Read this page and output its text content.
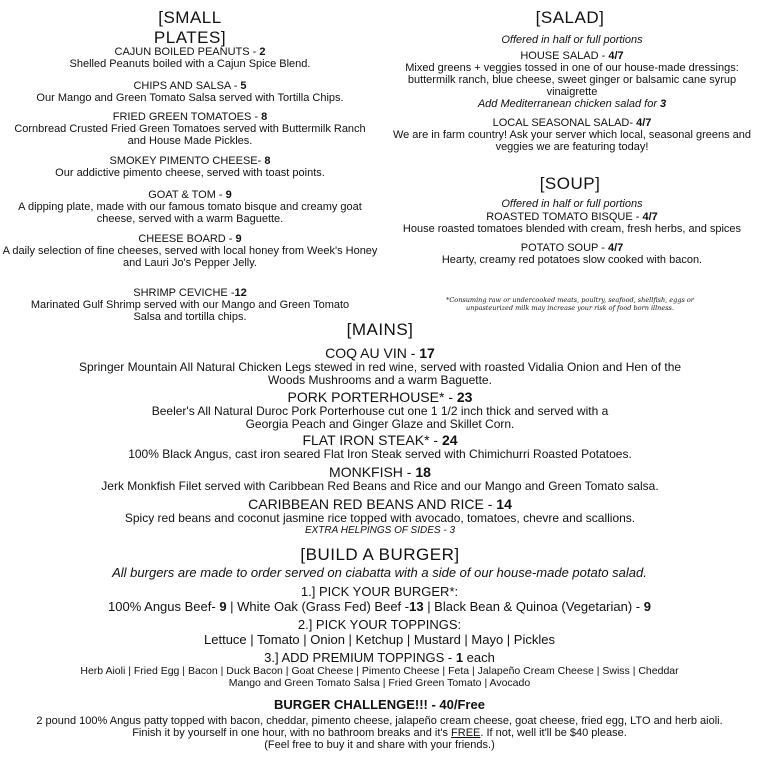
[SMALL PLATES]
CAJUN BOILED PEANUTS - 2
Shelled Peanuts boiled with a Cajun Spice Blend.
CHIPS AND SALSA - 5
Our Mango and Green Tomato Salsa served with Tortilla Chips.
FRIED GREEN TOMATOES - 8
Cornbread Crusted Fried Green Tomatoes served with Buttermilk Ranch and House Made Pickles.
SMOKEY PIMENTO CHEESE- 8
Our addictive pimento cheese, served with toast points.
GOAT & TOM - 9
A dipping plate, made with our famous tomato bisque and creamy goat cheese, served with a warm Baguette.
CHEESE BOARD - 9
A daily selection of fine cheeses, served with local honey from Week's Honey and Lauri Jo's Pepper Jelly.
SHRIMP CEVICHE -12
Marinated Gulf Shrimp served with our Mango and Green Tomato Salsa and tortilla chips.
[SALAD]
Offered in half or full portions
HOUSE SALAD - 4/7
Mixed greens + veggies tossed in one of our house-made dressings: buttermilk ranch, blue cheese, sweet ginger or balsamic cane syrup vinaigrette
Add Mediterranean chicken salad for 3
LOCAL SEASONAL SALAD- 4/7
We are in farm country! Ask your server which local, seasonal greens and veggies we are featuring today!
[SOUP]
Offered in half or full portions
ROASTED TOMATO BISQUE - 4/7
House roasted tomatoes blended with cream, fresh herbs, and spices
POTATO SOUP - 4/7
Hearty, creamy red potatoes slow cooked with bacon.
*Consuming raw or undercooked meats, poultry, seafood, shellfish, eggs or unpasteurized milk may increase your risk of food born illness.
[MAINS]
COQ AU VIN - 17
Springer Mountain All Natural Chicken Legs stewed in red wine, served with roasted Vidalia Onion and Hen of the Woods Mushrooms and a warm Baguette.
PORK PORTERHOUSE* - 23
Beeler's All Natural Duroc Pork Porterhouse cut one 1 1/2 inch thick and served with a Georgia Peach and Ginger Glaze and Skillet Corn.
FLAT IRON STEAK* - 24
100% Black Angus, cast iron seared Flat Iron Steak served with Chimichurri Roasted Potatoes.
MONKFISH - 18
Jerk Monkfish Filet served with Caribbean Red Beans and Rice and our Mango and Green Tomato salsa.
CARIBBEAN RED BEANS AND RICE - 14
Spicy red beans and coconut jasmine rice topped with avocado, tomatoes, chevre and scallions.
EXTRA HELPINGS OF SIDES - 3
[BUILD A BURGER]
All burgers are made to order served on ciabatta with a side of our house-made potato salad.
1.] PICK YOUR BURGER*:
100% Angus Beef- 9 | White Oak (Grass Fed) Beef -13 | Black Bean & Quinoa (Vegetarian) - 9
2.] PICK YOUR TOPPINGS:
Lettuce | Tomato | Onion | Ketchup | Mustard | Mayo | Pickles
3.] ADD PREMIUM TOPPINGS - 1 each
Herb Aioli | Fried Egg | Bacon | Duck Bacon | Goat Cheese | Pimento Cheese | Feta | Jalapeño Cream Cheese | Swiss | Cheddar
Mango and Green Tomato Salsa | Fried Green Tomato | Avocado
BURGER CHALLENGE!!! - 40/Free
2 pound 100% Angus patty topped with bacon, cheddar, pimento cheese, jalapeño cream cheese, goat cheese, fried egg, LTO and herb aioli.
Finish it by yourself in one hour, with no bathroom breaks and it's FREE. If not, well it'll be $40 please.
(Feel free to buy it and share with your friends.)
